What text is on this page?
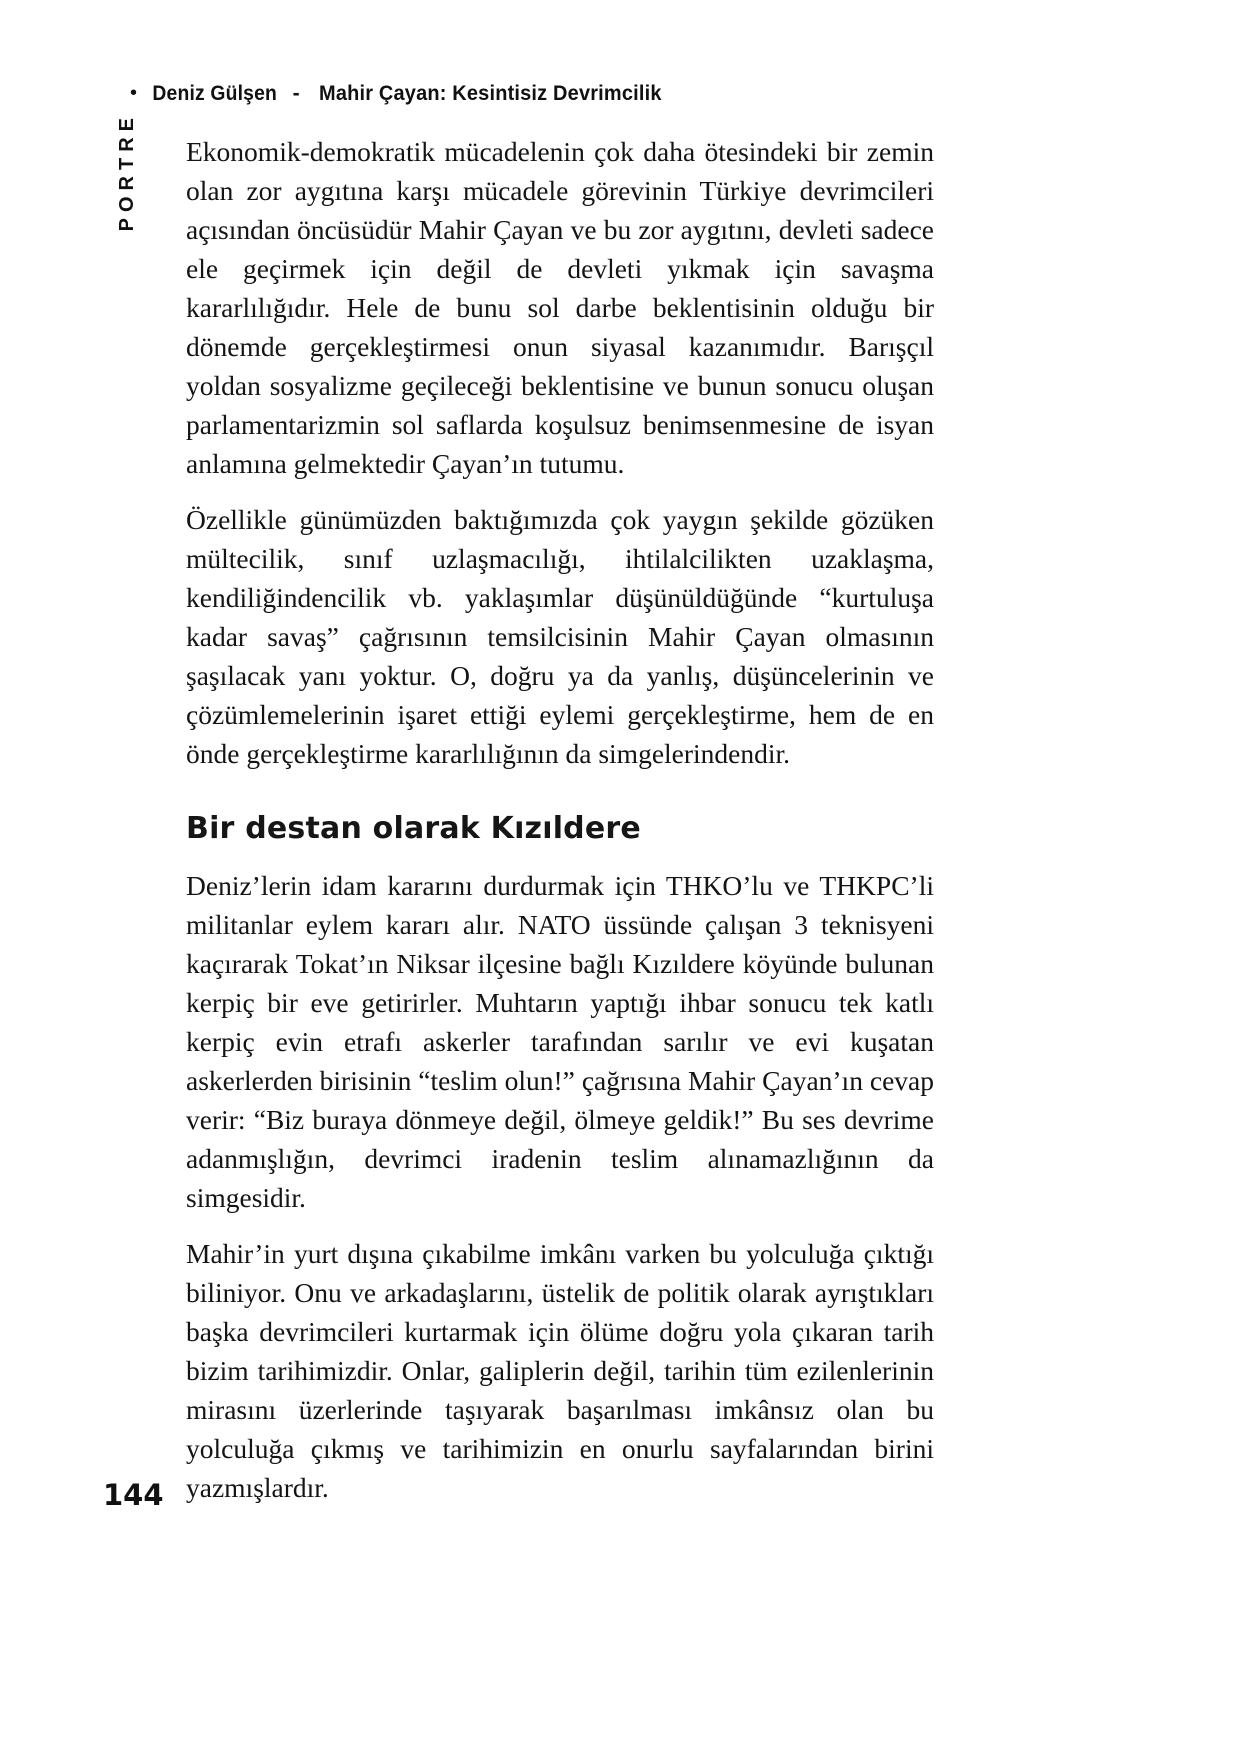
• Deniz Gülşen - Mahir Çayan: Kesintisiz Devrimcilik
PORTRE Ekonomik-demokratik mücadelenin çok daha ötesindeki bir zemin olan zor aygıtına karşı mücadele görevinin Türkiye devrimcileri açısından öncüsüdür Mahir Çayan ve bu zor aygıtını, devleti sadece ele geçirmek için değil de devleti yıkmak için savaşma kararlılığıdır. Hele de bunu sol darbe beklentisinin olduğu bir dönemde gerçekleştirmesi onun siyasal kazanımıdır. Barışçıl yoldan sosyalizme geçileceği beklentisine ve bunun sonucu oluşan parlamentarizmin sol saflarda koşulsuz benimsenmesine de isyan anlamına gelmektedir Çayan’ın tutumu.

Özellikle günümüzden baktığımızda çok yaygın şekilde gözüken mültecilik, sınıf uzlaşmacılığı, ihtilalcilikten uzaklaşma, kendiliğindencilik vb. yaklaşımlar düşünüldüğünde “kurtuluşa kadar savaş” çağrısının temsilcisinin Mahir Çayan olmasının şaşılacak yanı yoktur. O, doğru ya da yanlış, düşüncelerinin ve çözümlemelerinin işaret ettiği eylemi gerçekleştirme, hem de en önde gerçekleştirme kararlılığının da simgelerindendir.

Bir destan olarak Kızıldere

Deniz’lerin idam kararını durdurmak için THKO’lu ve THKPC’li militanlar eylem kararı alır. NATO üssünde çalışan 3 teknisyeni kaçırarak Tokat’ın Niksar ilçesine bağlı Kızıldere köyünde bulunan kerpiç bir eve getirirler. Muhtarın yaptığı ihbar sonucu tek katlı kerpiç evin etrafı askerler tarafından sarılır ve evi kuşatan askerlerden birisinin “teslim olun!” çağrısına Mahir Çayan’ın cevap verir: “Biz buraya dönmeye değil, ölmeye geldik!” Bu ses devrime adanmışlığın, devrimci iradenin teslim alınamazlığının da simgesidir.

Mahir’in yurt dışına çıkabilme imkânı varken bu yolculuğa çıktığı biliniyor. Onu ve arkadaşlarını, üstelik de politik olarak ayrıştıkları başka devrimcileri kurtarmak için ölüme doğru yola çıkaran tarih bizim tarihimizdir. Onlar, galiplerin değil, tarihin tüm ezilenlerinin mirasını üzerlerinde taşıyarak başarılması imkânsız olan bu yolculuğa çıkmış ve tarihimizin en onurlu sayfalarından birini yazmışlardır.

144
